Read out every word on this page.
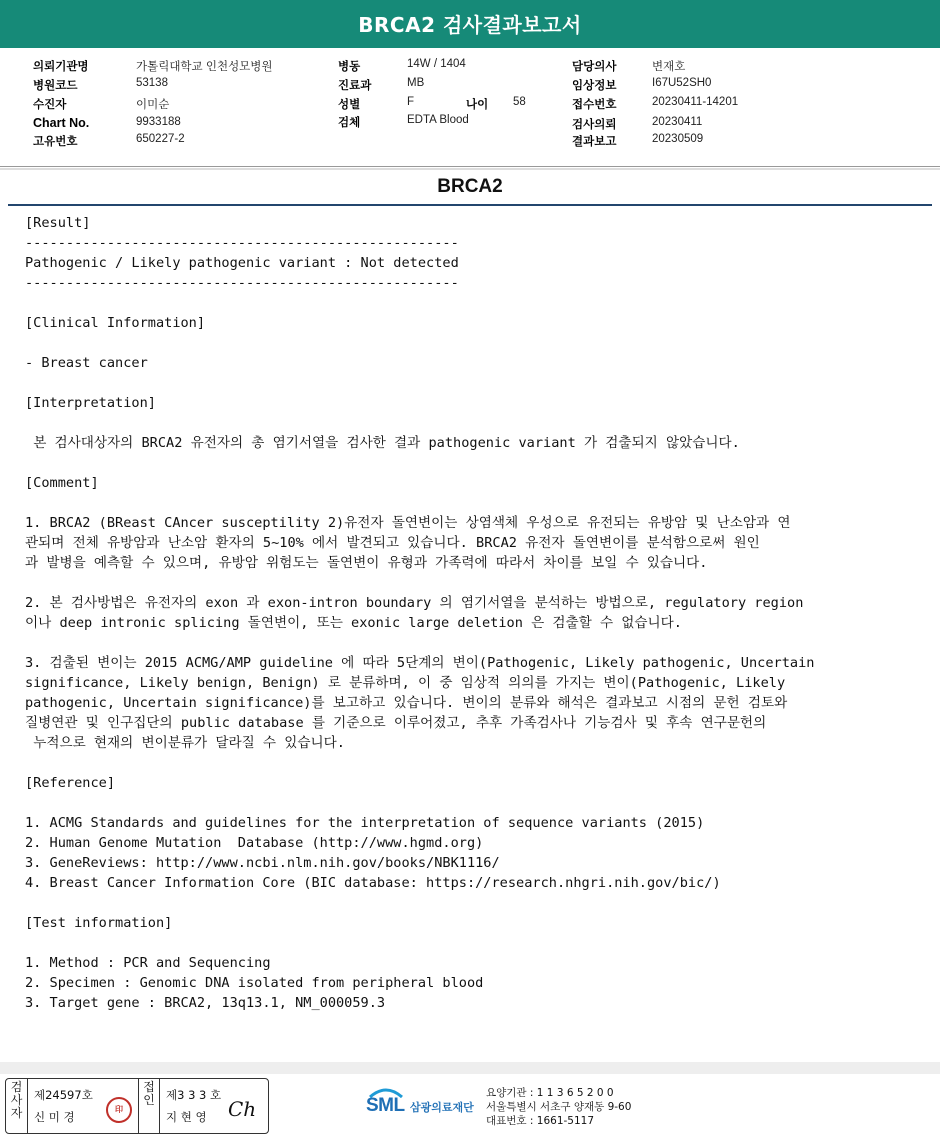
BRCA2 검사결과보고서
의뢰기관명	가톨릭대학교 인천성모병원
병원코드	53138
수진자	이미순
Chart No.	9933188
고유번호	650227-2
병동	14W / 1404
진료과	MB
성별	F	나이 58
검체	EDTA Blood
담당의사	변재호
임상정보	I67U52SH0
접수번호	20230411-14201
검사의뢰	20230411
결과보고	20230509
BRCA2
[Result]
-----------------------------------------------------
Pathogenic / Likely pathogenic variant : Not detected
-----------------------------------------------------

[Clinical Information]

- Breast cancer

[Interpretation]

본 검사대상자의 BRCA2 유전자의 총 염기서열을 검사한 결과 pathogenic variant 가 검출되지 않았습니다.

[Comment]

1. BRCA2 (BReast CAncer susceptility 2)유전자 돌연변이는 상염색체 우성으로 유전되는 유방암 및 난소암과 연
관되며 전체 유방암과 난소암 환자의 5~10% 에서 발견되고 있습니다. BRCA2 유전자 돌연변이를 분석함으로써 원인
과 발병을 예측할 수 있으며, 유방암 위험도는 돌연변이 유형과 가족력에 따라서 차이를 보일 수 있습니다.

2. 본 검사방법은 유전자의 exon 과 exon-intron boundary 의 염기서열을 분석하는 방법으로, regulatory region
이나 deep intronic splicing 돌연변이, 또는 exonic large deletion 은 검출할 수 없습니다.

3. 검출된 변이는 2015 ACMG/AMP guideline 에 따라 5단계의 변이(Pathogenic, Likely pathogenic, Uncertain
significance, Likely benign, Benign) 로 분류하며, 이 중 임상적 의의를 가지는 변이(Pathogenic, Likely
pathogenic, Uncertain significance)를 보고하고 있습니다. 변이의 분류와 해석은 결과보고 시점의 문헌 검토와
질병연관 및 인구집단의 public database 를 기준으로 이루어졌고, 추후 가족검사나 기능검사 및 후속 연구문헌의
누적으로 현재의 변이분류가 달라질 수 있습니다.

[Reference]

1. ACMG Standards and guidelines for the interpretation of sequence variants (2015)
2. Human Genome Mutation  Database (http://www.hgmd.org)
3. GeneReviews: http://www.ncbi.nlm.nih.gov/books/NBK1116/
4. Breast Cancer Information Core (BIC database: https://research.nhgri.nih.gov/bic/)

[Test information]

1. Method : PCR and Sequencing
2. Specimen : Genomic DNA isolated from peripheral blood
3. Target gene : BRCA2, 13q13.1, NM_000059.3
검 사 자
제24597호
신 미 경
印
접 인 제3 3 3 호
지 현 영 Ch	SML 삼광의료재단
요양기관 : 1 1 3 6 5 2 0 0
서울특별시 서초구 양재동 9-60
대표번호 : 1661-5117
